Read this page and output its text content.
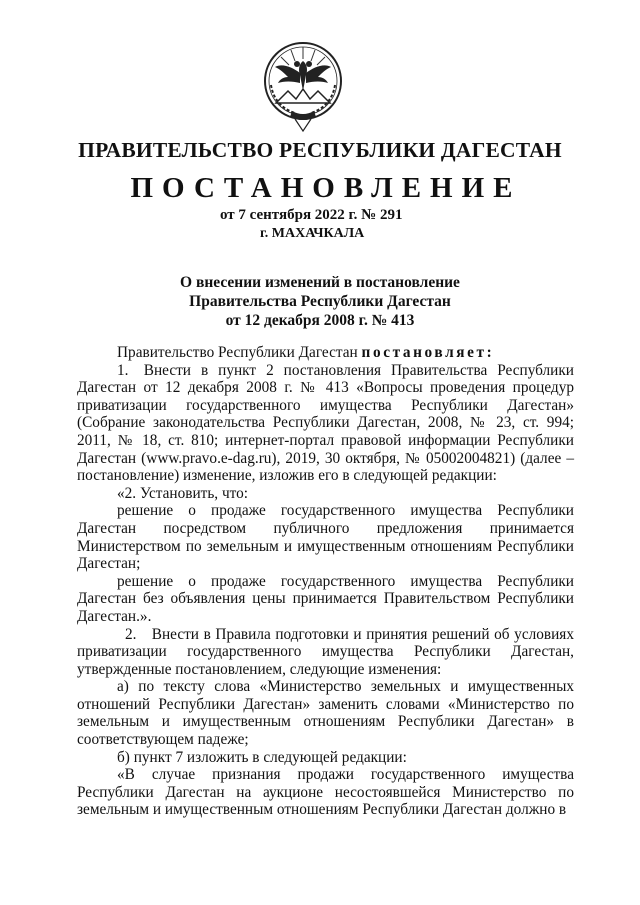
ПРАВИТЕЛЬСТВО РЕСПУБЛИКИ ДАГЕСТАН
ПОСТАНОВЛЕНИЕ
от 7 сентября 2022 г. № 291
г. МАХАЧКАЛА
О внесении изменений в постановление
Правительства Республики Дагестан
от 12 декабря 2008 г. № 413

Правительство Республики Дагестан постановляет:

1. Внести в пункт 2 постановления Правительства Республики Дагестан от 12 декабря 2008 г. № 413 «Вопросы проведения процедур приватизации государственного имущества Республики Дагестан» (Собрание законодательства Республики Дагестан, 2008, № 23, ст. 994; 2011, № 18, ст. 810; интернет-портал правовой информации Республики Дагестан (www.pravo.e-dag.ru), 2019, 30 октября, № 05002004821) (далее – постановление) изменение, изложив его в следующей редакции:

«2. Установить, что:

решение о продаже государственного имущества Республики Дагестан посредством публичного предложения принимается Министерством по земельным и имущественным отношениям Республики Дагестан;

решение о продаже государственного имущества Республики Дагестан без объявления цены принимается Правительством Республики Дагестан.».

2. Внести в Правила подготовки и принятия решений об условиях приватизации государственного имущества Республики Дагестан, утвержденные постановлением, следующие изменения:

а) по тексту слова «Министерство земельных и имущественных отношений Республики Дагестан» заменить словами «Министерство по земельным и имущественным отношениям Республики Дагестан» в соответствующем падеже;

б) пункт 7 изложить в следующей редакции:

«В случае признания продажи государственного имущества Республики Дагестан на аукционе несостоявшейся Министерство по земельным и имущественным отношениям Республики Дагестан должно в
